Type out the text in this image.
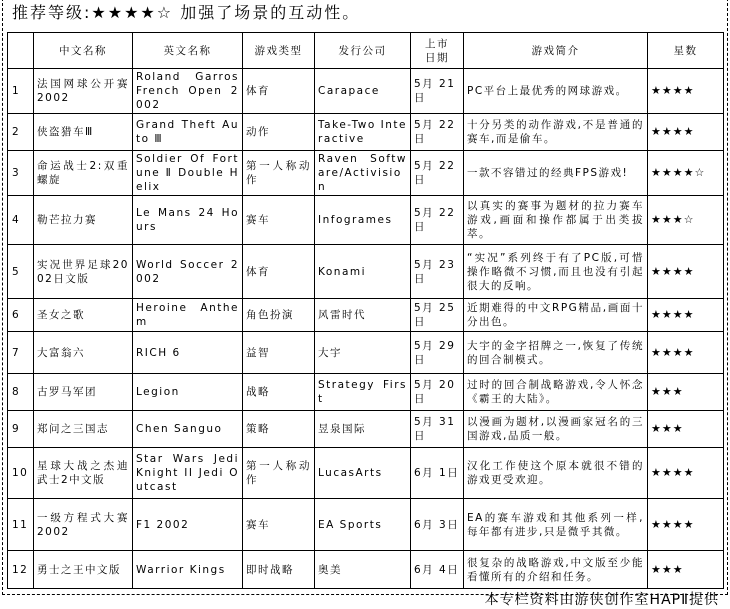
推荐等级:★★★★☆ 加强了场景的互动性。
	中文名称	英文名称	游戏类型	发行公司	上市日期	游戏简介	星数
1	法国网球公开赛2002	Roland Garros French Open 2002	体育	Carapace	5月 21日	PC平台上最优秀的网球游戏。	★★★★
2	侠盗猎车Ⅲ	Grand Theft Auto Ⅲ	动作	Take-Two Interactive	5月 22日	十分另类的动作游戏,不是普通的赛车,而是偷车。	★★★★
3	命运战士2:双重螺旋	Soldier Of Fortune Ⅱ Double Helix	第一人称动作	Raven Software/Activision	5月 22日	一款不容错过的经典FPS游戏!	★★★★☆
4	勒芒拉力赛	Le Mans 24 Hours	赛车	Infogrames	5月 22日	以真实的赛事为题材的拉力赛车游戏,画面和操作都属于出类拔萃。	★★★☆
5	实况世界足球2002日文版	World Soccer 2002	体育	Konami	5月 23日	“实况”系列终于有了PC版,可惜操作略微不习惯,而且也没有引起很大的反响。	★★★★
6	圣女之歌	Heroine Anthem	角色扮演	风雷时代	5月 25日	近期难得的中文RPG精品,画面十分出色。	★★★★
7	大富翁六	RICH 6	益智	大宇	5月 29日	大宇的金字招牌之一,恢复了传统的回合制模式。	★★★★
8	古罗马军团	Legion	战略	Strategy First	5月 20日	过时的回合制战略游戏,令人怀念《霸王的大陆》。	★★★
9	郑问之三国志	Chen Sanguo	策略	昱泉国际	5月 31日	以漫画为题材,以漫画家冠名的三国游戏,品质一般。	★★★
10	星球大战之杰迪武士2中文版	Star Wars Jedi Knight II Jedi Outcast	第一人称动作	LucasArts	6月 1日	汉化工作使这个原本就很不错的游戏更受欢迎。	★★★★
11	一级方程式大赛2002	F1 2002	赛车	EA Sports	6月 3日	EA的赛车游戏和其他系列一样,每年都有进步,只是微乎其微。	★★★★
12	勇士之王中文版	Warrior Kings	即时战略	奥美	6月 4日	很复杂的战略游戏,中文版至少能看懂所有的介绍和任务。	★★★
本专栏资料由游侠创作室HAPⅡ提供
